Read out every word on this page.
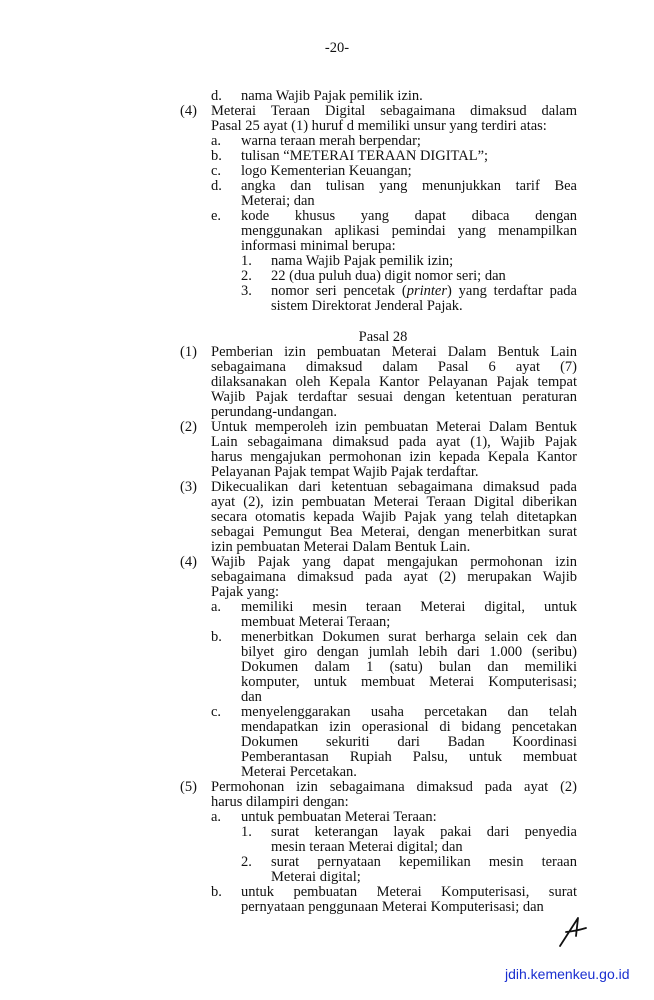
-20-
d. nama Wajib Pajak pemilik izin.
(4) Meterai Teraan Digital sebagaimana dimaksud dalam
Pasal 25 ayat (1) huruf d memiliki unsur yang terdiri atas:
a. warna teraan merah berpendar;
b. tulisan “METERAI TERAAN DIGITAL”;
c. logo Kementerian Keuangan;
d. angka dan tulisan yang menunjukkan tarif Bea
Meterai; dan
e. kode khusus yang dapat dibaca dengan
menggunakan aplikasi pemindai yang menampilkan
informasi minimal berupa:
1. nama Wajib Pajak pemilik izin;
2. 22 (dua puluh dua) digit nomor seri; dan
3. nomor seri pencetak (printer) yang terdaftar pada
sistem Direktorat Jenderal Pajak.
Pasal 28
(1) Pemberian izin pembuatan Meterai Dalam Bentuk Lain
sebagaimana dimaksud dalam Pasal 6 ayat (7)
dilaksanakan oleh Kepala Kantor Pelayanan Pajak tempat
Wajib Pajak terdaftar sesuai dengan ketentuan peraturan
perundang-undangan.
(2) Untuk memperoleh izin pembuatan Meterai Dalam Bentuk
Lain sebagaimana dimaksud pada ayat (1), Wajib Pajak
harus mengajukan permohonan izin kepada Kepala Kantor
Pelayanan Pajak tempat Wajib Pajak terdaftar.
(3) Dikecualikan dari ketentuan sebagaimana dimaksud pada
ayat (2), izin pembuatan Meterai Teraan Digital diberikan
secara otomatis kepada Wajib Pajak yang telah ditetapkan
sebagai Pemungut Bea Meterai, dengan menerbitkan surat
izin pembuatan Meterai Dalam Bentuk Lain.
(4) Wajib Pajak yang dapat mengajukan permohonan izin
sebagaimana dimaksud pada ayat (2) merupakan Wajib
Pajak yang:
a. memiliki mesin teraan Meterai digital, untuk
membuat Meterai Teraan;
b. menerbitkan Dokumen surat berharga selain cek dan
bilyet giro dengan jumlah lebih dari 1.000 (seribu)
Dokumen dalam 1 (satu) bulan dan memiliki
komputer, untuk membuat Meterai Komputerisasi;
dan
c. menyelenggarakan usaha percetakan dan telah
mendapatkan izin operasional di bidang pencetakan
Dokumen sekuriti dari Badan Koordinasi
Pemberantasan Rupiah Palsu, untuk membuat
Meterai Percetakan.
(5) Permohonan izin sebagaimana dimaksud pada ayat (2)
harus dilampiri dengan:
a. untuk pembuatan Meterai Teraan:
1. surat keterangan layak pakai dari penyedia
mesin teraan Meterai digital; dan
2. surat pernyataan kepemilikan mesin teraan
Meterai digital;
b. untuk pembuatan Meterai Komputerisasi, surat
pernyataan penggunaan Meterai Komputerisasi; dan
jdih.kemenkeu.go.id
